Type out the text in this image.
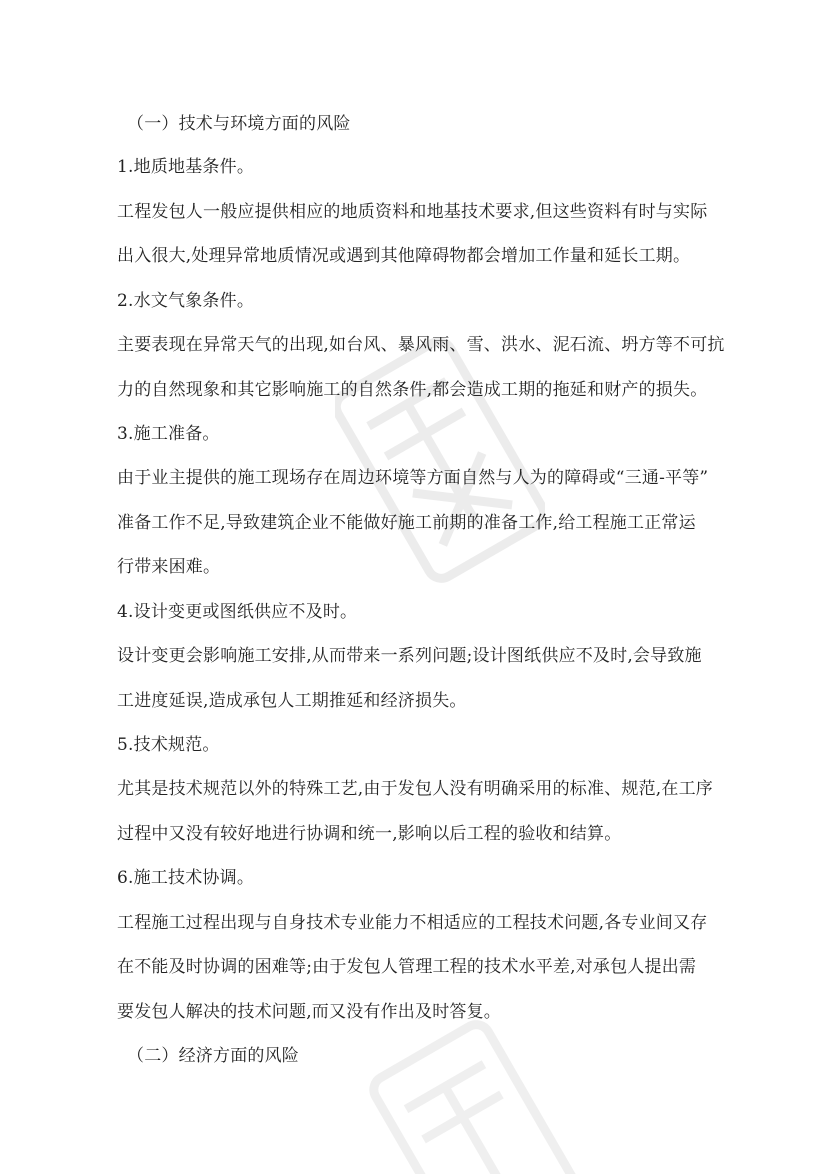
（一）技术与环境方面的风险
1.地质地基条件。
工程发包人一般应提供相应的地质资料和地基技术要求,但这些资料有时与实际
出入很大,处理异常地质情况或遇到其他障碍物都会增加工作量和延长工期。
2.水文气象条件。
主要表现在异常天气的出现,如台风、暴风雨、雪、洪水、泥石流、坍方等不可抗
力的自然现象和其它影响施工的自然条件,都会造成工期的拖延和财产的损失。
3.施工准备。
由于业主提供的施工现场存在周边环境等方面自然与人为的障碍或“三通-平等”
准备工作不足,导致建筑企业不能做好施工前期的准备工作,给工程施工正常运
行带来困难。
4.设计变更或图纸供应不及时。
设计变更会影响施工安排,从而带来一系列问题;设计图纸供应不及时,会导致施
工进度延误,造成承包人工期推延和经济损失。
5.技术规范。
尤其是技术规范以外的特殊工艺,由于发包人没有明确采用的标准、规范,在工序
过程中又没有较好地进行协调和统一,影响以后工程的验收和结算。
6.施工技术协调。
工程施工过程出现与自身技术专业能力不相适应的工程技术问题,各专业间又存
在不能及时协调的困难等;由于发包人管理工程的技术水平差,对承包人提出需
要发包人解决的技术问题,而又没有作出及时答复。
（二）经济方面的风险
